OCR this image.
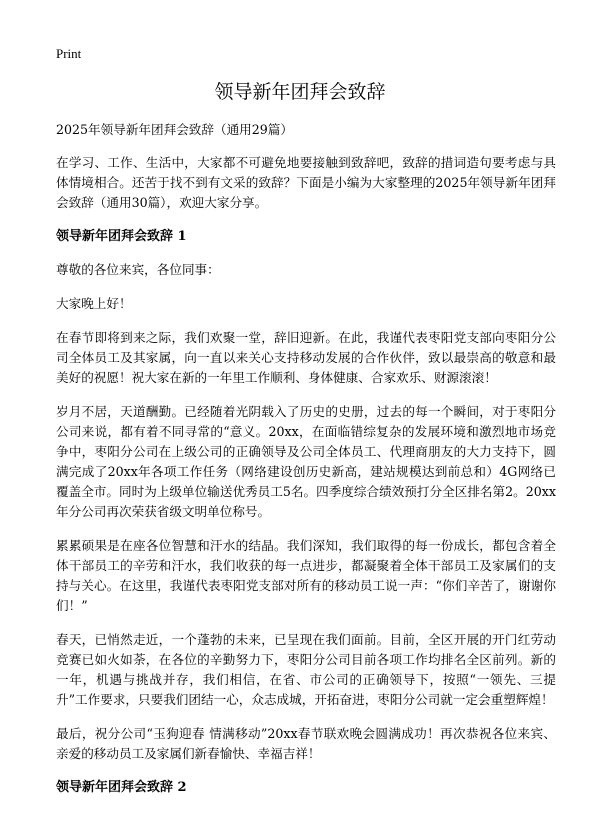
Print
领导新年团拜会致辞

2025年领导新年团拜会致辞（通用29篇）

在学习、工作、生活中，大家都不可避免地要接触到致辞吧，致辞的措词造句要考虑与具体情境相合。还苦于找不到有文采的致辞？下面是小编为大家整理的2025年领导新年团拜会致辞（通用30篇），欢迎大家分享。

领导新年团拜会致辞 1

尊敬的各位来宾，各位同事：

大家晚上好！

在春节即将到来之际，我们欢聚一堂，辞旧迎新。在此，我谨代表枣阳党支部向枣阳分公司全体员工及其家属，向一直以来关心支持移动发展的合作伙伴，致以最崇高的敬意和最美好的祝愿！祝大家在新的一年里工作顺利、身体健康、合家欢乐、财源滚滚！

岁月不居，天道酬勤。已经随着光阴载入了历史的史册，过去的每一个瞬间，对于枣阳分公司来说，都有着不同寻常的“意义。20xx，在面临错综复杂的发展环境和激烈地市场竞争中，枣阳分公司在上级公司的正确领导及公司全体员工、代理商朋友的大力支持下，圆满完成了20xx年各项工作任务（网络建设创历史新高，建站规模达到前总和）4G网络已覆盖全市。同时为上级单位输送优秀员工5名。四季度综合绩效预打分全区排名第2。20xx年分公司再次荣获省级文明单位称号。

累累硕果是在座各位智慧和汗水的结晶。我们深知，我们取得的每一份成长，都包含着全体干部员工的辛劳和汗水，我们收获的每一点进步，都凝聚着全体干部员工及家属们的支持与关心。在这里，我谨代表枣阳党支部对所有的移动员工说一声：“你们辛苦了，谢谢你们！”

春天，已悄然走近，一个蓬勃的未来，已呈现在我们面前。目前，全区开展的开门红劳动竞赛已如火如荼，在各位的辛勤努力下，枣阳分公司目前各项工作均排名全区前列。新的一年，机遇与挑战并存，我们相信，在省、市公司的正确领导下，按照“一领先、三提升”工作要求，只要我们团结一心，众志成城，开拓奋进，枣阳分公司就一定会重塑辉煌！

最后，祝分公司“玉狗迎春 情满移动”20xx春节联欢晚会圆满成功！再次恭祝各位来宾、亲爱的移动员工及家属们新春愉快、幸福吉祥！

领导新年团拜会致辞 2
